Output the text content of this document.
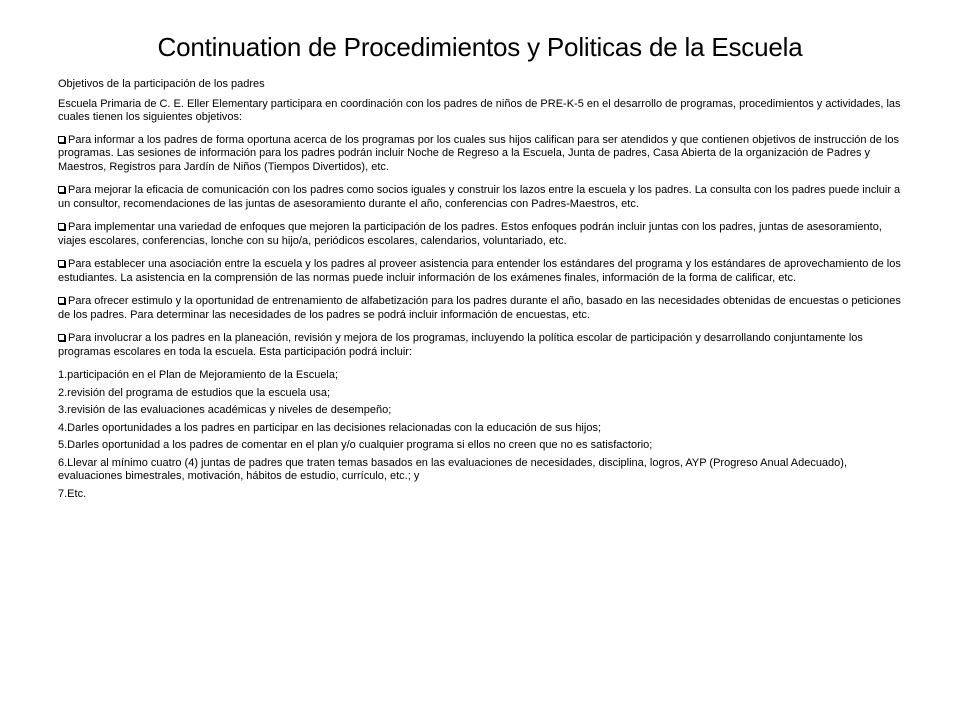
Continuation de Procedimientos y Politicas de la Escuela

Objetivos de la participación de los padres

Escuela Primaria de C. E. Eller Elementary participara en coordinación con los padres de niños de PRE-K-5 en el desarrollo de programas, procedimientos y actividades, las cuales tienen los siguientes objetivos:

Para informar a los padres de forma oportuna acerca de los programas por los cuales sus hijos califican para ser atendidos y que contienen objetivos de instrucción de los programas. Las sesiones de información para los padres podrán incluir Noche de Regreso a la Escuela, Junta de padres, Casa Abierta de la organización de Padres y Maestros, Registros para Jardín de Niños (Tiempos Divertidos), etc.

Para mejorar la eficacia de comunicación con los padres como socios iguales y construir los lazos entre la escuela y los padres. La consulta con los padres puede incluir a un consultor, recomendaciones de las juntas de asesoramiento durante el año, conferencias con Padres-Maestros, etc.

Para implementar una variedad de enfoques que mejoren la participación de los padres. Estos enfoques podrán incluir juntas con los padres, juntas de asesoramiento, viajes escolares, conferencias, lonche con su hijo/a, periódicos escolares, calendarios, voluntariado, etc.

Para establecer una asociación entre la escuela y los padres al proveer asistencia para entender los estándares del programa y los estándares de aprovechamiento de los estudiantes. La asistencia en la comprensión de las normas puede incluir información de los exámenes finales, información de la forma de calificar, etc.

Para ofrecer estimulo y la oportunidad de entrenamiento de alfabetización para los padres durante el año, basado en las necesidades obtenidas de encuestas o peticiones de los padres. Para determinar las necesidades de los padres se podrá incluir información de encuestas, etc.

Para involucrar a los padres en la planeación, revisión y mejora de los programas, incluyendo la política escolar de participación y desarrollando conjuntamente los programas escolares en toda la escuela. Esta participación podrá incluir:

1.participación en el Plan de Mejoramiento de la Escuela;

2.revisión del programa de estudios que la escuela usa;

3.revisión de las evaluaciones académicas y niveles de desempeño;

4.Darles oportunidades a los padres en participar en las decisiones relacionadas con la educación de sus hijos;

5.Darles oportunidad a los padres de comentar en el plan y/o cualquier programa si ellos no creen que no es satisfactorio;

6.Llevar al mínimo cuatro (4) juntas de padres que traten temas basados en las evaluaciones de necesidades, disciplina, logros, AYP (Progreso Anual Adecuado), evaluaciones bimestrales, motivación, hábitos de estudio, currículo, etc.; y

7.Etc.
